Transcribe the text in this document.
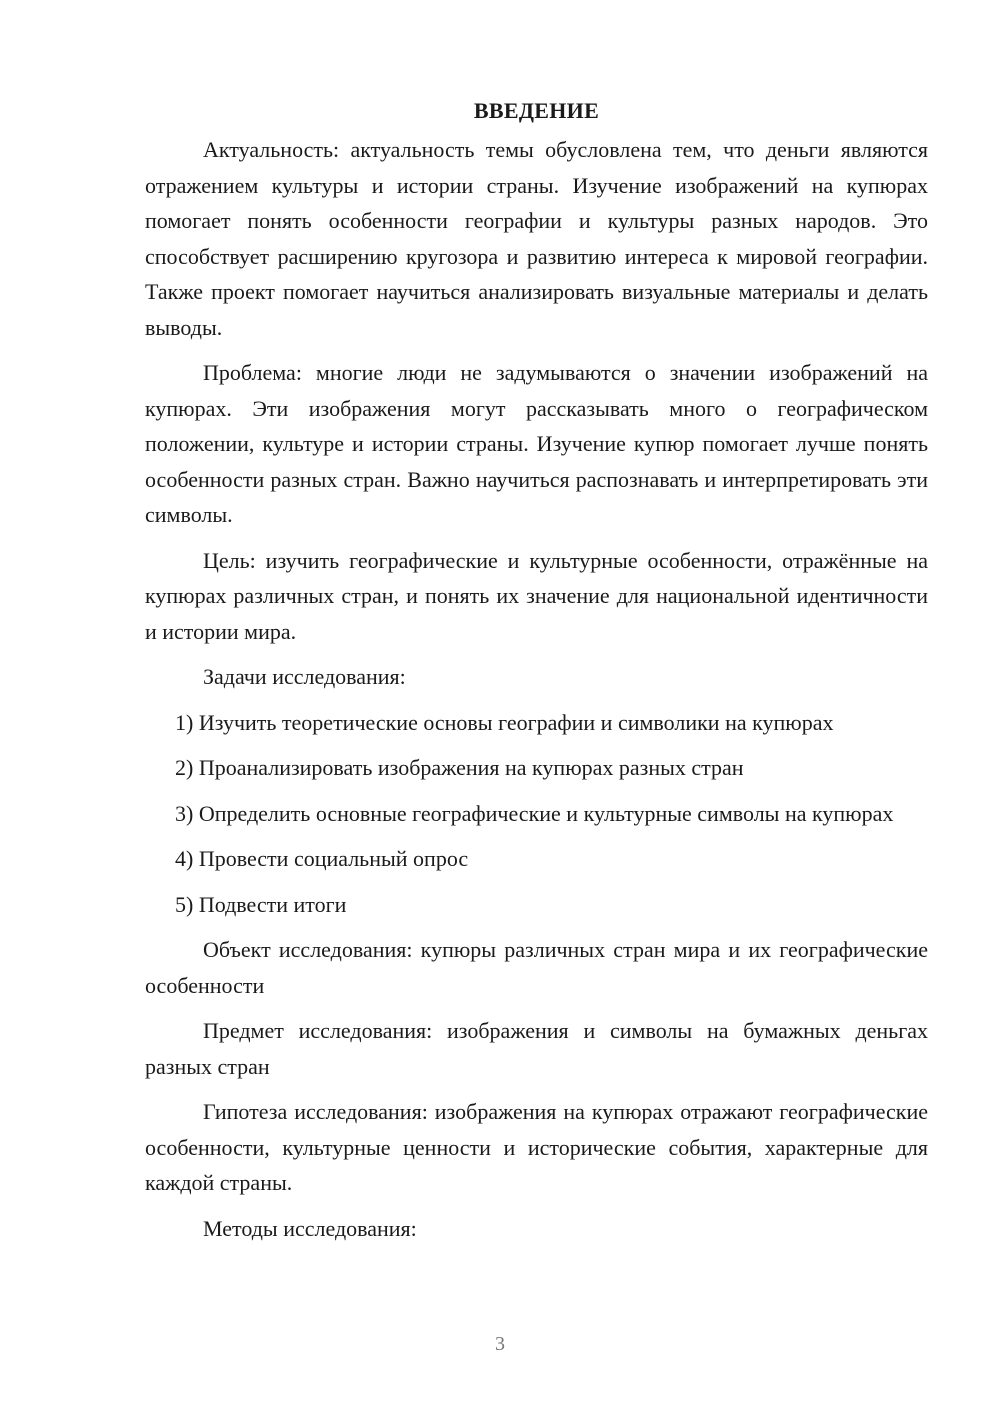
ВВЕДЕНИЕ

Актуальность: актуальность темы обусловлена тем, что деньги являются отражением культуры и истории страны. Изучение изображений на купюрах помогает понять особенности географии и культуры разных народов. Это способствует расширению кругозора и развитию интереса к мировой географии. Также проект помогает научиться анализировать визуальные материалы и делать выводы.

Проблема: многие люди не задумываются о значении изображений на купюрах. Эти изображения могут рассказывать много о географическом положении, культуре и истории страны. Изучение купюр помогает лучше понять особенности разных стран. Важно научиться распознавать и интерпретировать эти символы.

Цель: изучить географические и культурные особенности, отражённые на купюрах различных стран, и понять их значение для национальной идентичности и истории мира.

Задачи исследования:

1) Изучить теоретические основы географии и символики на купюрах

2) Проанализировать изображения на купюрах разных стран

3) Определить основные географические и культурные символы на купюрах

4) Провести социальный опрос

5) Подвести итоги

Объект исследования: купюры различных стран мира и их географические особенности

Предмет исследования: изображения и символы на бумажных деньгах разных стран

Гипотеза исследования: изображения на купюрах отражают географические особенности, культурные ценности и исторические события, характерные для каждой страны.

Методы исследования:

3
